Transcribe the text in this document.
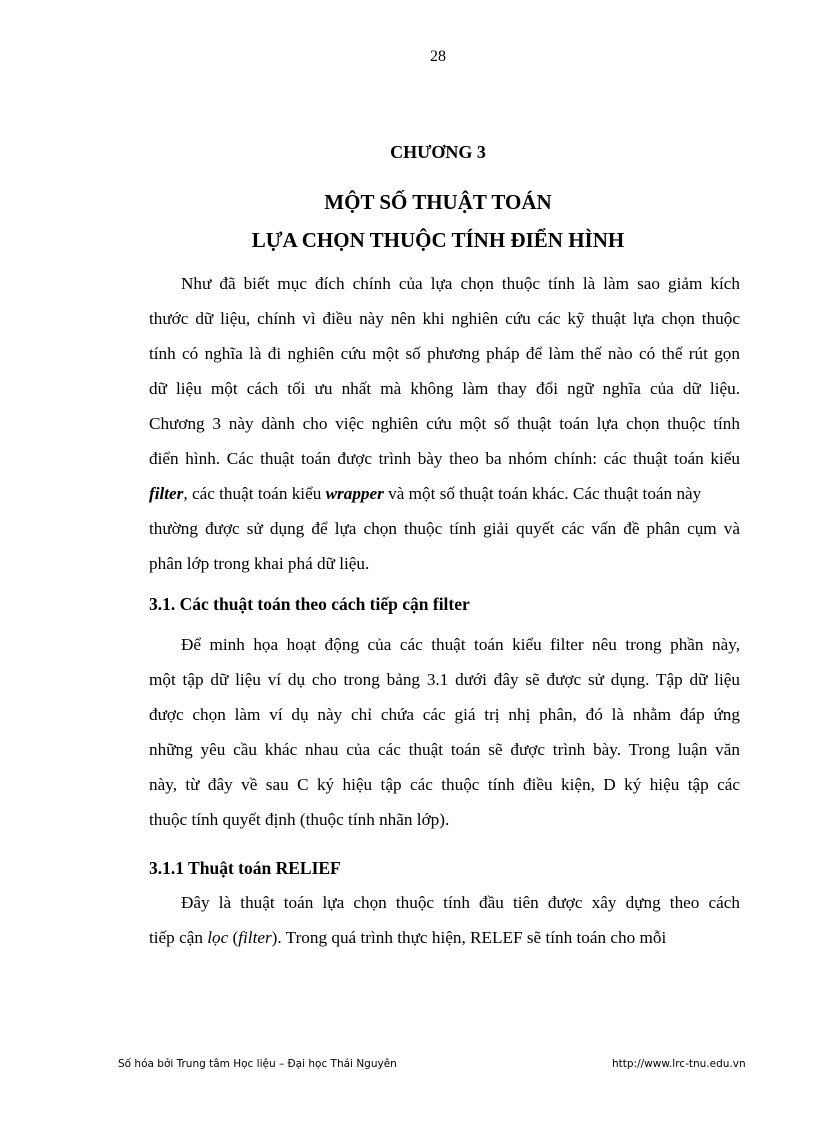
28
CHƯƠNG 3
MỘT SỐ THUẬT TOÁN
LỰA CHỌN THUỘC TÍNH ĐIỂN HÌNH
Như đã biết mục đích chính của lựa chọn thuộc tính là làm sao giảm kích
thước dữ liệu, chính vì điều này nên khi nghiên cứu các kỹ thuật lựa chọn thuộc
tính có nghĩa là đi nghiên cứu một số phương pháp để làm thế nào có thể rút gọn
dữ liệu một cách tối ưu nhất mà không làm thay đổi ngữ nghĩa của dữ liệu.
Chương 3 này dành cho việc nghiên cứu một số thuật toán lựa chọn thuộc tính
điển hình. Các thuật toán được trình bày theo ba nhóm chính: các thuật toán kiểu
filter, các thuật toán kiểu wrapper và một số thuật toán khác. Các thuật toán này
thường được sử dụng để lựa chọn thuộc tính giải quyết các vấn đề phân cụm và
phân lớp trong khai phá dữ liệu.
3.1. Các thuật toán theo cách tiếp cận filter
Để minh họa hoạt động của các thuật toán kiểu filter nêu trong phần này,
một tập dữ liệu ví dụ cho trong bảng 3.1 dưới đây sẽ được sử dụng. Tập dữ liệu
được chọn làm ví dụ này chỉ chứa các giá trị nhị phân, đó là nhằm đáp ứng
những yêu cầu khác nhau của các thuật toán sẽ được trình bày. Trong luận văn
này, từ đây về sau C ký hiệu tập các thuộc tính điều kiện, D ký hiệu tập các
thuộc tính quyết định (thuộc tính nhãn lớp).
3.1.1 Thuật toán RELIEF
Đây là thuật toán lựa chọn thuộc tính đầu tiên được xây dựng theo cách
tiếp cận lọc (filter). Trong quá trình thực hiện, RELEF sẽ tính toán cho mỗi
Số hóa bởi Trung tâm Học liệu – Đại học Thái Nguyên	http://www.lrc-tnu.edu.vn
